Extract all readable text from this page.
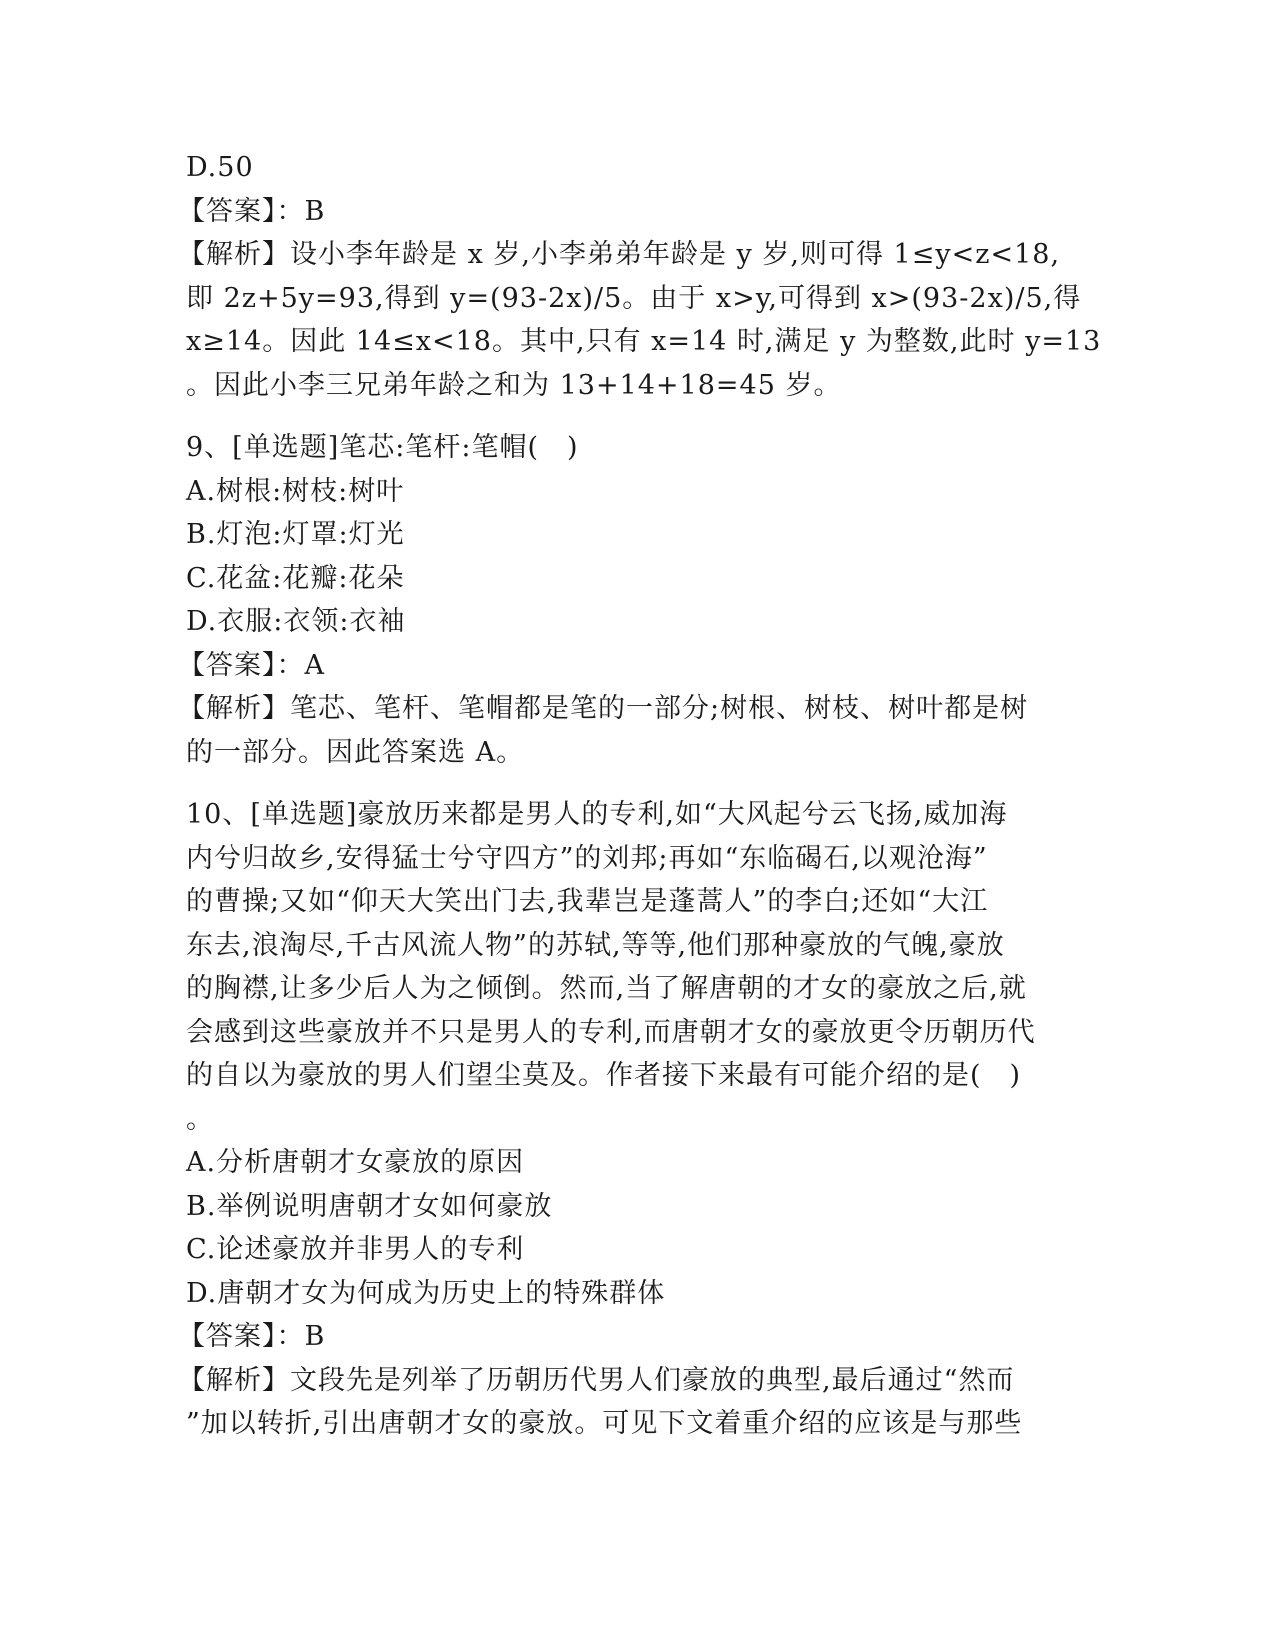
D.50
【答案】：B
【解析】设小李年龄是 x 岁,小李弟弟年龄是 y 岁,则可得 1≤y<z<18,
即 2z+5y=93,得到 y=(93-2x)/5。由于 x>y,可得到 x>(93-2x)/5,得
x≥14。因此 14≤x<18。其中,只有 x=14 时,满足 y 为整数,此时 y=13
。因此小李三兄弟年龄之和为 13+14+18=45 岁。
9、[单选题]笔芯:笔杆:笔帽(　)
A.树根:树枝:树叶
B.灯泡:灯罩:灯光
C.花盆:花瓣:花朵
D.衣服:衣领:衣袖
【答案】：A
【解析】笔芯、笔杆、笔帽都是笔的一部分;树根、树枝、树叶都是树
的一部分。因此答案选 A。
10、[单选题]豪放历来都是男人的专利,如“大风起兮云飞扬,威加海
内兮归故乡,安得猛士兮守四方”的刘邦;再如“东临碣石,以观沧海”
的曹操;又如“仰天大笑出门去,我辈岂是蓬蒿人”的李白;还如“大江
东去,浪淘尽,千古风流人物”的苏轼,等等,他们那种豪放的气魄,豪放
的胸襟,让多少后人为之倾倒。然而,当了解唐朝的才女的豪放之后,就
会感到这些豪放并不只是男人的专利,而唐朝才女的豪放更令历朝历代
的自以为豪放的男人们望尘莫及。作者接下来最有可能介绍的是(　)
。
A.分析唐朝才女豪放的原因
B.举例说明唐朝才女如何豪放
C.论述豪放并非男人的专利
D.唐朝才女为何成为历史上的特殊群体
【答案】：B
【解析】文段先是列举了历朝历代男人们豪放的典型,最后通过“然而
”加以转折,引出唐朝才女的豪放。可见下文着重介绍的应该是与那些
